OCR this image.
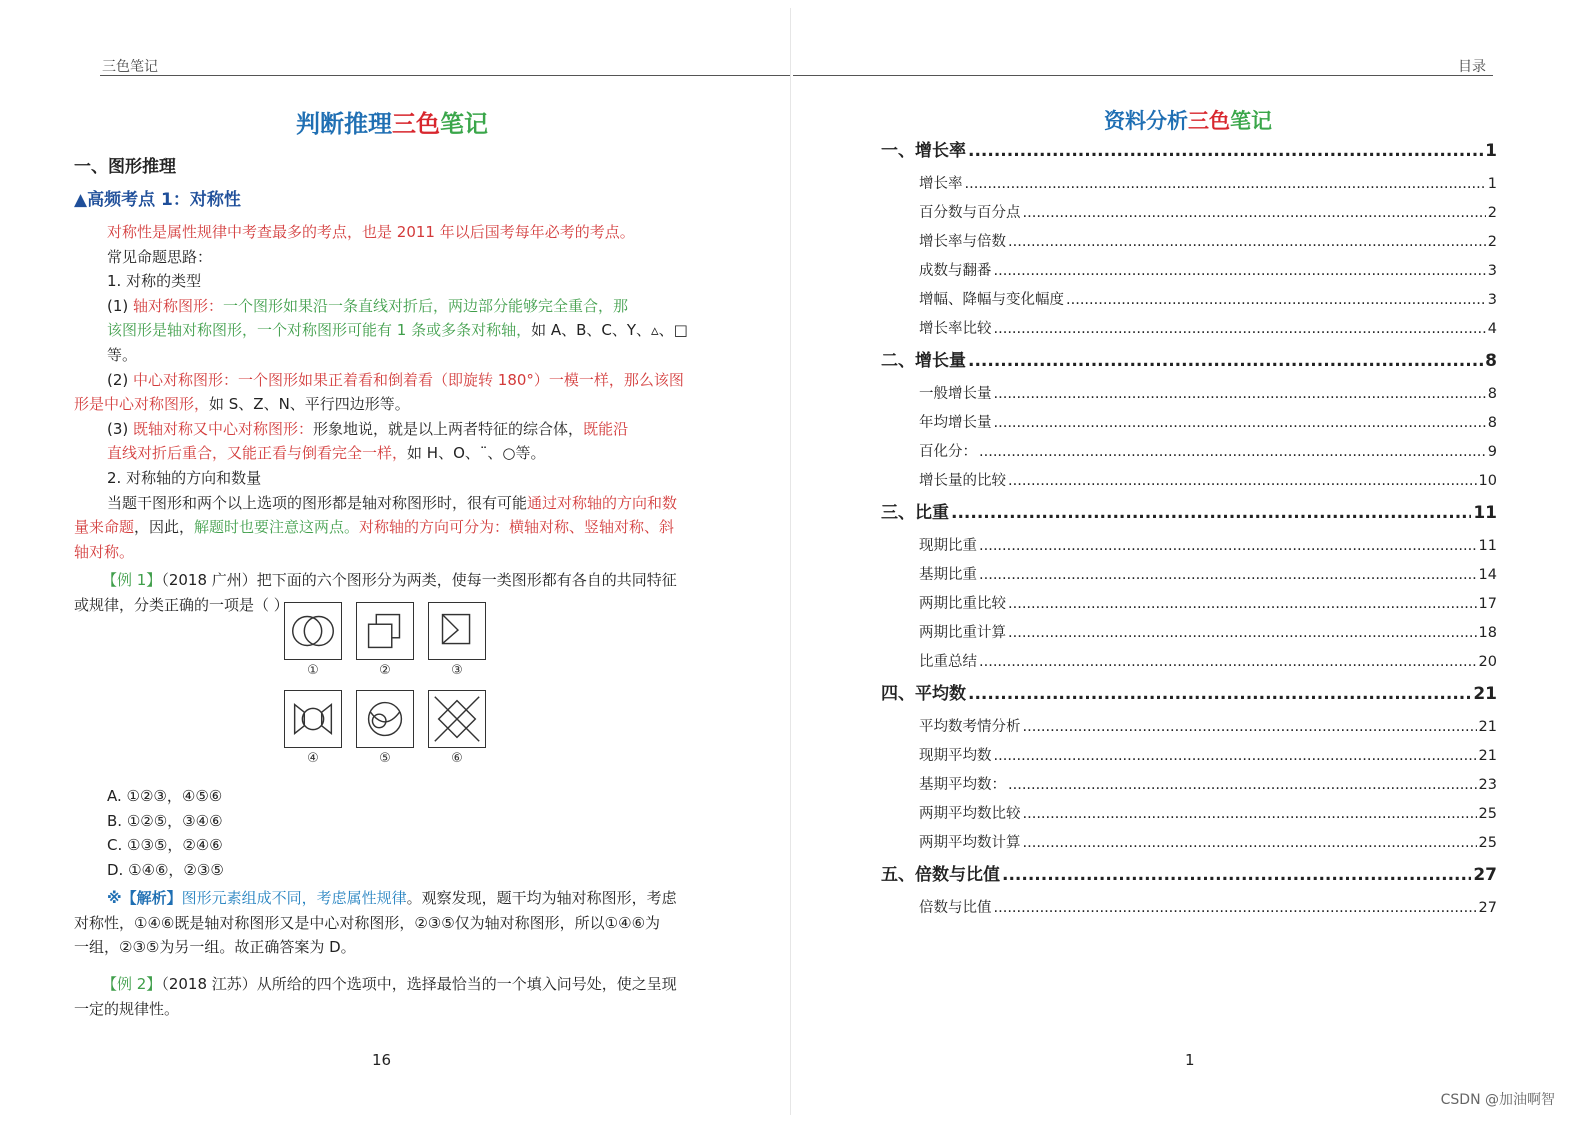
三色笔记
判断推理三色笔记
一、图形推理
▲高频考点 1：对称性
对称性是属性规律中考查最多的考点，也是 2011 年以后国考每年必考的考点。
常见命题思路：
1. 对称的类型
(1) 轴对称图形：一个图形如果沿一条直线对折后，两边部分能够完全重合，那
该图形是轴对称图形，一个对称图形可能有 1 条或多条对称轴，如 A、B、C、Y、▵、□等。
(2) 中心对称图形：一个图形如果正着看和倒着看（即旋转 180°）一模一样，那么该图
形是中心对称图形，如 S、Z、N、平行四边形等。
(3) 既轴对称又中心对称图形：形象地说，就是以上两者特征的综合体，既能沿
直线对折后重合，又能正看与倒看完全一样，如 H、O、¨、○等。
2. 对称轴的方向和数量
当题干图形和两个以上选项的图形都是轴对称图形时，很有可能通过对称轴的方向和数
量来命题，因此，解题时也要注意这两点。对称轴的方向可分为：横轴对称、竖轴对称、斜
轴对称。
【例 1】（2018 广州）把下面的六个图形分为两类，使每一类图形都有各自的共同特征
或规律，分类正确的一项是（ ）
①	②	③
④	⑤	⑥
A. ①②③，④⑤⑥
B. ①②⑤，③④⑥
C. ①③⑤，②④⑥
D. ①④⑥，②③⑤
※【解析】图形元素组成不同，考虑属性规律。观察发现，题干均为轴对称图形，考虑
对称性，①④⑥既是轴对称图形又是中心对称图形，②③⑤仅为轴对称图形，所以①④⑥为
一组，②③⑤为另一组。故正确答案为 D。
【例 2】（2018 江苏）从所给的四个选项中，选择最恰当的一个填入问号处，使之呈现
一定的规律性。
16
目录
资料分析三色笔记
一、增长率 .....	1
增长率 .....	1
百分数与百分点 .....	2
增长率与倍数 .....	2
成数与翻番 .....	3
增幅、降幅与变化幅度 .....	3
增长率比较 .....	4
二、增长量 .....	8
一般增长量 .....	8
年均增长量 .....	8
百化分： .....	9
增长量的比较 .....	10
三、比重 .....	11
现期比重 .....	11
基期比重 .....	14
两期比重比较 .....	17
两期比重计算 .....	18
比重总结 .....	20
四、平均数 .....	21
平均数考情分析 .....	21
现期平均数 .....	21
基期平均数： .....	23
两期平均数比较 .....	25
两期平均数计算 .....	25
五、倍数与比值 .....	27
倍数与比值 .....	27
1
CSDN @加油啊智
